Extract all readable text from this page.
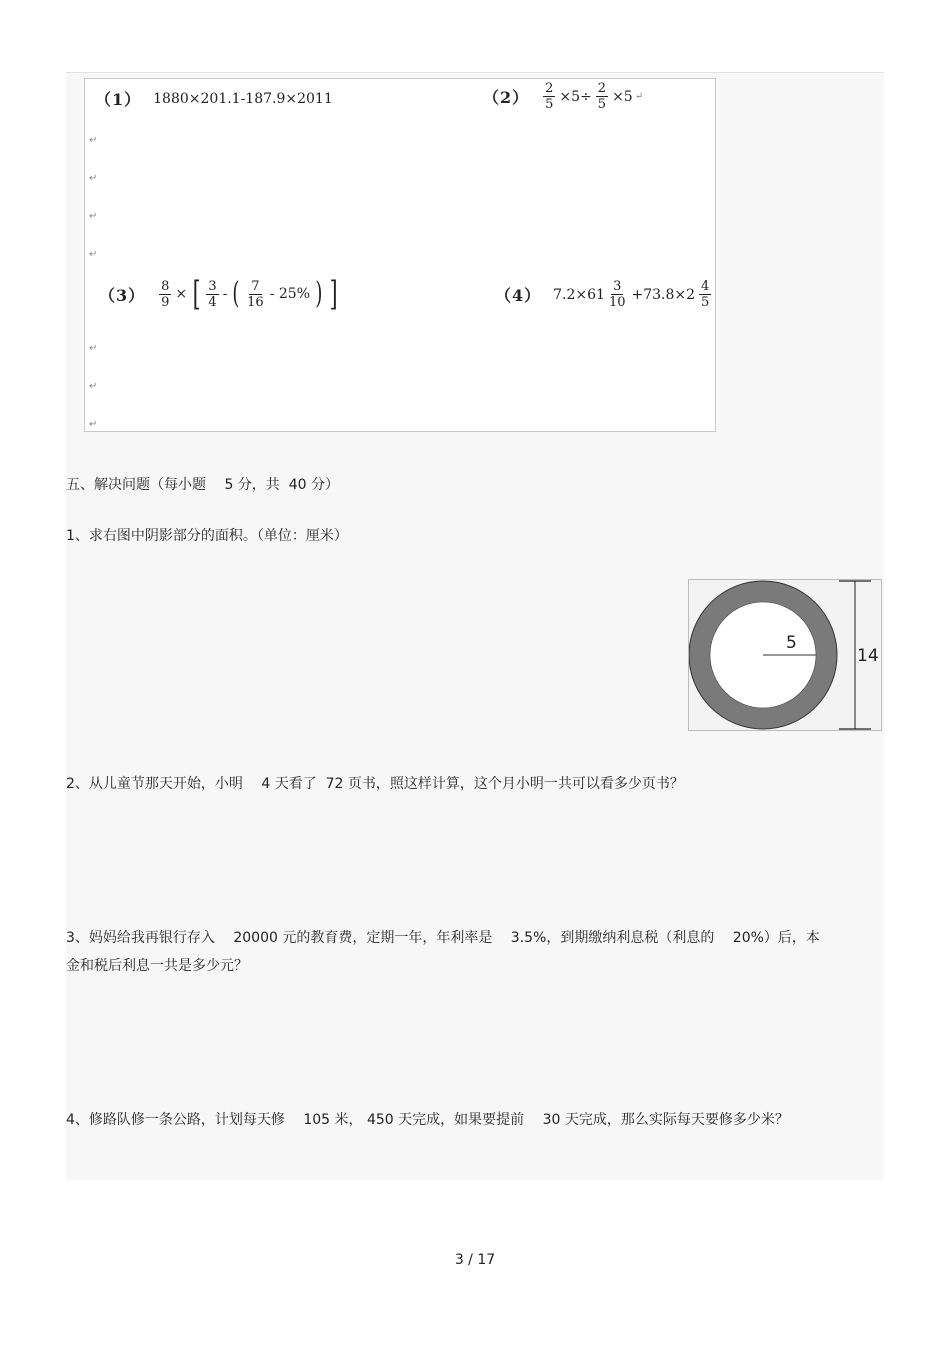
（1） 1880×201.1-187.9×2011	$(2) \frac{2}{5} \times 5\div \frac{2}{5} \times 5$ ↵
↵
↵
↵
↵
$(3) \frac{8}{9}$ × [ $\frac{3}{4}$ - ( $\frac{7}{16} - 25\%$ ) ]	（4） $7.2\times 61 \frac{3}{10} +73.8\times 2 \frac{4}{5}$
↵
↵
↵
五、解决问题（每小题　 5 分，共  40 分）
1、求右图中阴影部分的面积。（单位：厘米）
5
14
2、从儿童节那天开始，小明　 4 天看了  72 页书，照这样计算，这个月小明一共可以看多少页书？
3、妈妈给我再银行存入　 20000 元的教育费，定期一年，年利率是　 3.5%，到期缴纳利息税（利息的　 20%）后，本
金和税后利息一共是多少元？
4、修路队修一条公路，计划每天修　 105 米， 450 天完成，如果要提前　 30 天完成，那么实际每天要修多少米？
3 / 17
